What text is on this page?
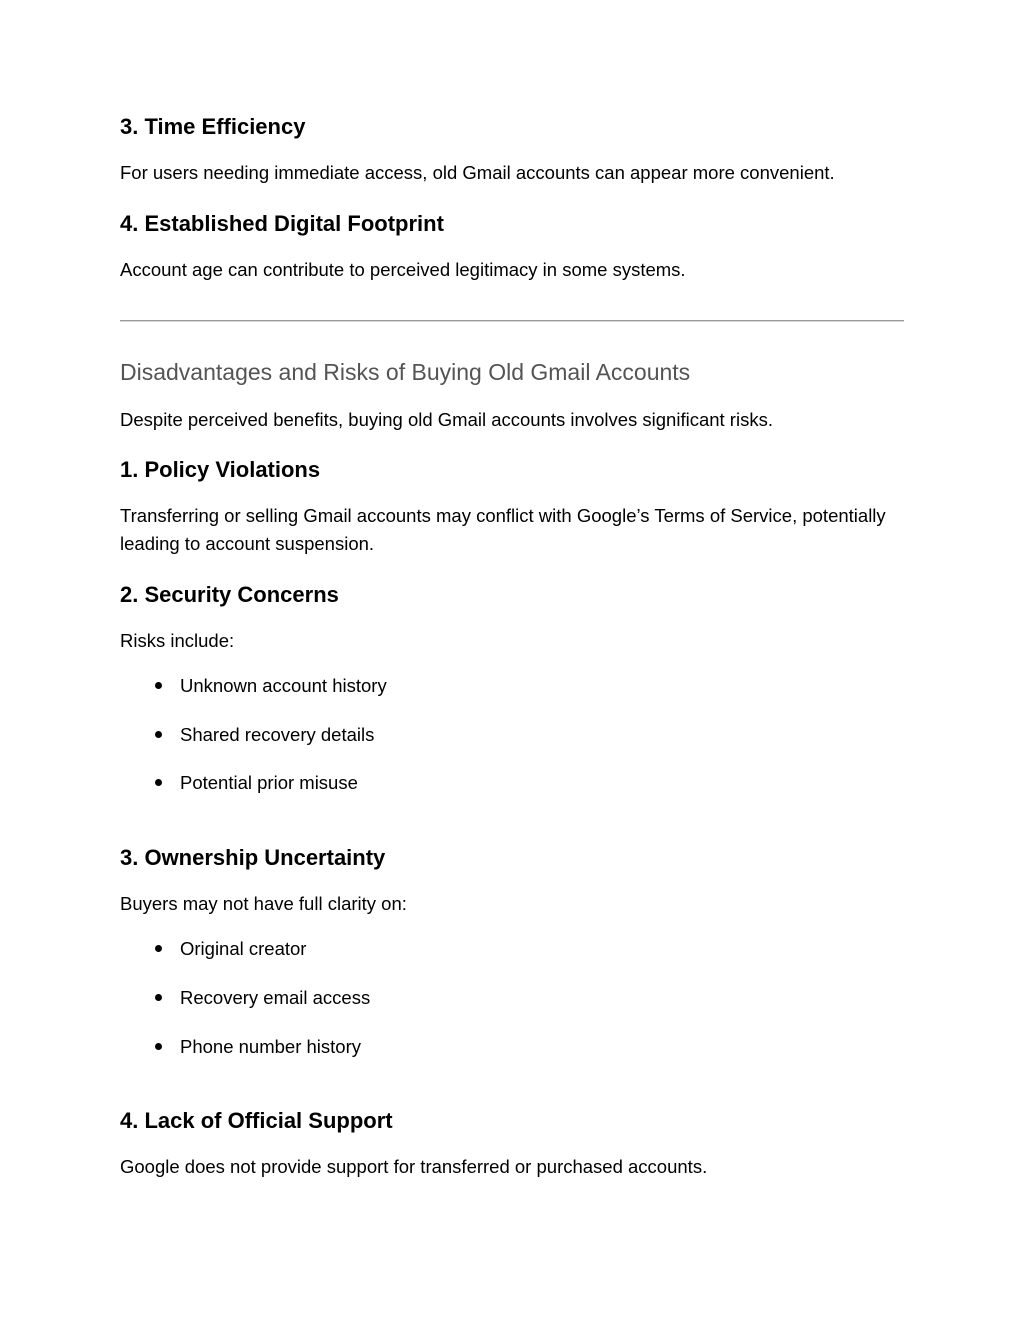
3. Time Efficiency

For users needing immediate access, old Gmail accounts can appear more convenient.

4. Established Digital Footprint

Account age can contribute to perceived legitimacy in some systems.

Disadvantages and Risks of Buying Old Gmail Accounts

Despite perceived benefits, buying old Gmail accounts involves significant risks.

1. Policy Violations

Transferring or selling Gmail accounts may conflict with Google’s Terms of Service, potentially leading to account suspension.

2. Security Concerns

Risks include:

Unknown account history
Shared recovery details
Potential prior misuse
3. Ownership Uncertainty

Buyers may not have full clarity on:

Original creator
Recovery email access
Phone number history
4. Lack of Official Support

Google does not provide support for transferred or purchased accounts.
